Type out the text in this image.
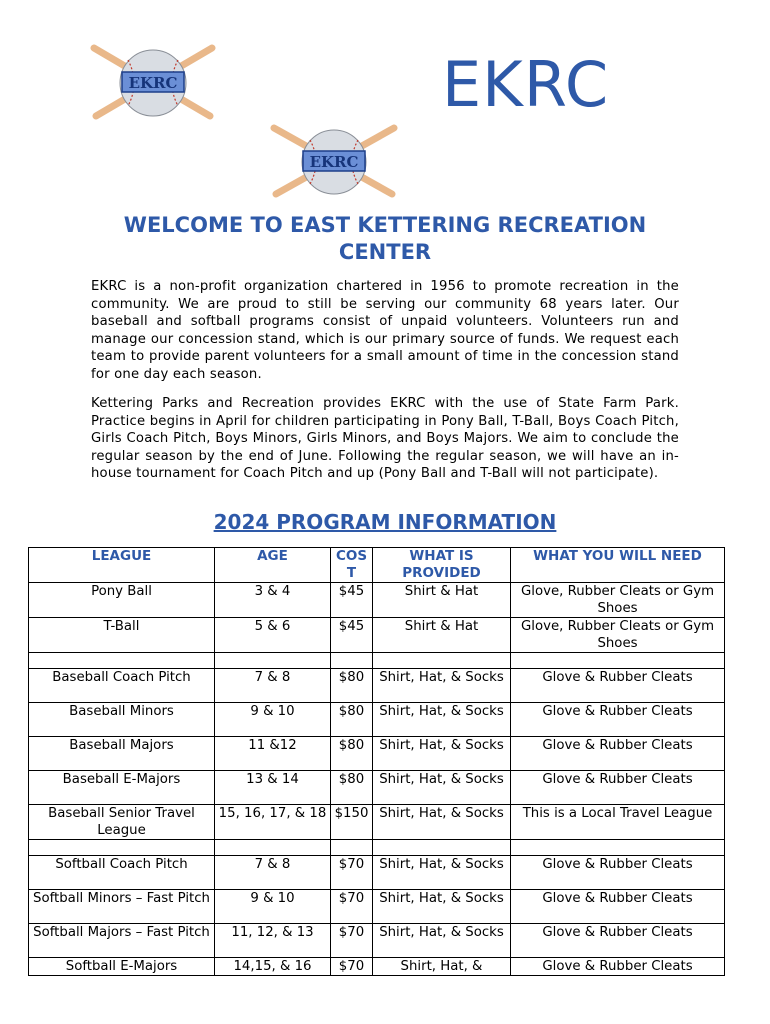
EKRC	EKRC
EKRC
WELCOME TO EAST KETTERING RECREATION CENTER
EKRC is a non-profit organization chartered in 1956 to promote recreation in the community. We are proud to still be serving our community 68 years later. Our baseball and softball programs consist of unpaid volunteers. Volunteers run and manage our concession stand, which is our primary source of funds. We request each team to provide parent volunteers for a small amount of time in the concession stand for one day each season.
Kettering Parks and Recreation provides EKRC with the use of State Farm Park. Practice begins in April for children participating in Pony Ball, T-Ball, Boys Coach Pitch, Girls Coach Pitch, Boys Minors, Girls Minors, and Boys Majors. We aim to conclude the regular season by the end of June. Following the regular season, we will have an in-house tournament for Coach Pitch and up (Pony Ball and T-Ball will not participate).
2024 PROGRAM INFORMATION
LEAGUE	AGE	COST	WHAT IS PROVIDED	WHAT YOU WILL NEED
Pony Ball	3 & 4	$45	Shirt & Hat	Glove, Rubber Cleats or Gym Shoes
T-Ball	5 & 6	$45	Shirt & Hat	Glove, Rubber Cleats or Gym Shoes

Baseball Coach Pitch	7 & 8	$80	Shirt, Hat, & Socks	Glove & Rubber Cleats
Baseball Minors	9 & 10	$80	Shirt, Hat, & Socks	Glove & Rubber Cleats
Baseball Majors	11 &12	$80	Shirt, Hat, & Socks	Glove & Rubber Cleats
Baseball E-Majors	13 & 14	$80	Shirt, Hat, & Socks	Glove & Rubber Cleats
Baseball Senior Travel League	15, 16, 17, & 18	$150	Shirt, Hat, & Socks	This is a Local Travel League

Softball Coach Pitch	7 & 8	$70	Shirt, Hat, & Socks	Glove & Rubber Cleats
Softball Minors – Fast Pitch	9 & 10	$70	Shirt, Hat, & Socks	Glove & Rubber Cleats
Softball Majors – Fast Pitch	11, 12, & 13	$70	Shirt, Hat, & Socks	Glove & Rubber Cleats
Softball E-Majors	14,15, & 16	$70	Shirt, Hat, &	Glove & Rubber Cleats
